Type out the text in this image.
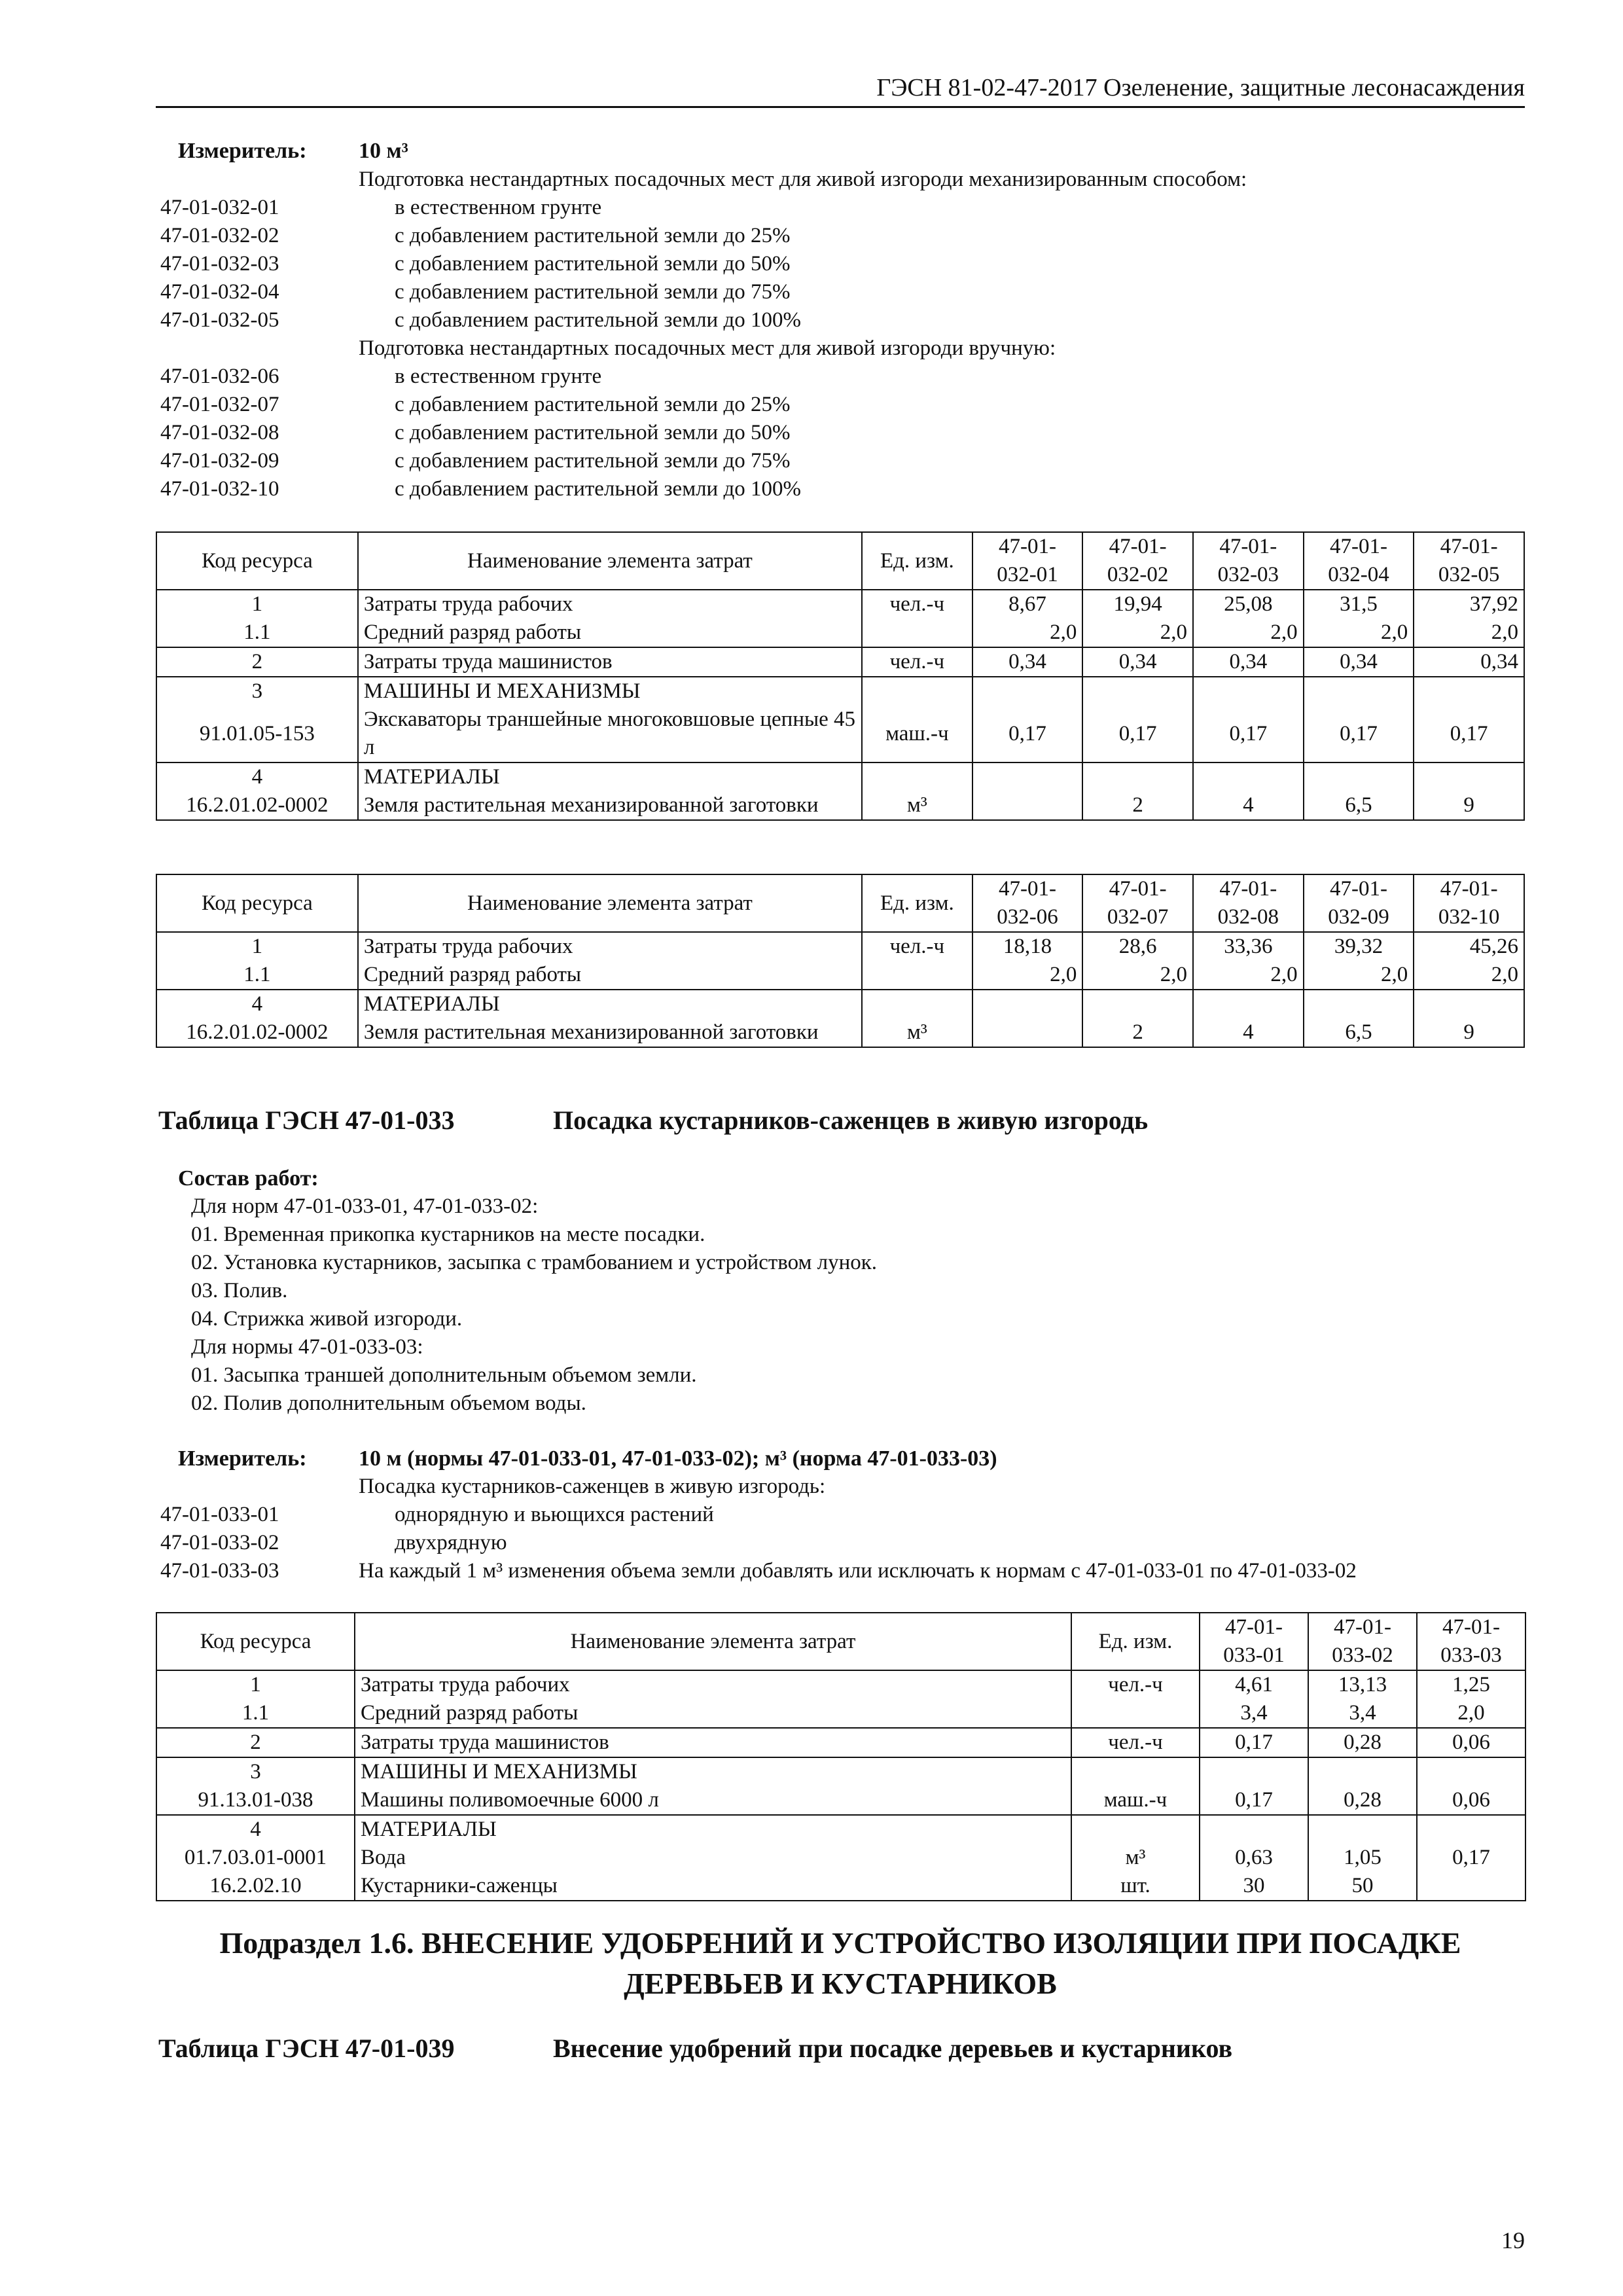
ГЭСН 81-02-47-2017 Озеленение, защитные лесонасаждения
Измеритель: 10 м³
Подготовка нестандартных посадочных мест для живой изгороди механизированным способом:
47-01-032-01	в естественном грунте
47-01-032-02	с добавлением растительной земли до 25%
47-01-032-03	с добавлением растительной земли до 50%
47-01-032-04	с добавлением растительной земли до 75%
47-01-032-05	с добавлением растительной земли до 100%
Подготовка нестандартных посадочных мест для живой изгороди вручную:
47-01-032-06	в естественном грунте
47-01-032-07	с добавлением растительной земли до 25%
47-01-032-08	с добавлением растительной земли до 50%
47-01-032-09	с добавлением растительной земли до 75%
47-01-032-10	с добавлением растительной земли до 100%
Код ресурса	Наименование элемента затрат	Ед. изм.	47-01-
032-01	47-01-
032-02	47-01-
032-03	47-01-
032-04	47-01-
032-05
1	Затраты труда рабочих	чел.-ч	8,67	19,94	25,08	31,5	37,92
1.1	Средний разряд работы		2,0	2,0	2,0	2,0	2,0
2	Затраты труда машинистов	чел.-ч	0,34	0,34	0,34	0,34	0,34
3	МАШИНЫ И МЕХАНИЗМЫ						
91.01.05-153	Экскаваторы траншейные многоковшовые цепные 45 л	маш.-ч	0,17	0,17	0,17	0,17	0,17
4	МАТЕРИАЛЫ						
16.2.01.02-0002	Земля растительная механизированной заготовки	м³		2	4	6,5	9
Код ресурса	Наименование элемента затрат	Ед. изм.	47-01-
032-06	47-01-
032-07	47-01-
032-08	47-01-
032-09	47-01-
032-10
1	Затраты труда рабочих	чел.-ч	18,18	28,6	33,36	39,32	45,26
1.1	Средний разряд работы		2,0	2,0	2,0	2,0	2,0
4	МАТЕРИАЛЫ						
16.2.01.02-0002	Земля растительная механизированной заготовки	м³		2	4	6,5	9
Таблица ГЭСН 47-01-033	Посадка кустарников-саженцев в живую изгородь
Состав работ:
Для норм 47-01-033-01, 47-01-033-02:
01. Временная прикопка кустарников на месте посадки.
02. Установка кустарников, засыпка с трамбованием и устройством лунок.
03. Полив.
04. Стрижка живой изгороди.
Для нормы 47-01-033-03:
01. Засыпка траншей дополнительным объемом земли.
02. Полив дополнительным объемом воды.
Измеритель: 10 м (нормы 47-01-033-01, 47-01-033-02); м³ (норма 47-01-033-03)
Посадка кустарников-саженцев в живую изгородь:
47-01-033-01	однорядную и вьющихся растений
47-01-033-02	двухрядную
47-01-033-03	На каждый 1 м³ изменения объема земли добавлять или исключать к нормам с 47-01-033-01 по 47-01-033-02
Код ресурса	Наименование элемента затрат	Ед. изм.	47-01-
033-01	47-01-
033-02	47-01-
033-03
1	Затраты труда рабочих	чел.-ч	4,61	13,13	1,25
1.1	Средний разряд работы		3,4	3,4	2,0
2	Затраты труда машинистов	чел.-ч	0,17	0,28	0,06
3	МАШИНЫ И МЕХАНИЗМЫ				
91.13.01-038	Машины поливомоечные 6000 л	маш.-ч	0,17	0,28	0,06
4	МАТЕРИАЛЫ				
01.7.03.01-0001	Вода	м³	0,63	1,05	0,17
16.2.02.10	Кустарники-саженцы	шт.	30	50	
Подраздел 1.6. ВНЕСЕНИЕ УДОБРЕНИЙ И УСТРОЙСТВО ИЗОЛЯЦИИ ПРИ ПОСАДКЕ
ДЕРЕВЬЕВ И КУСТАРНИКОВ
Таблица ГЭСН 47-01-039	Внесение удобрений при посадке деревьев и кустарников
19
